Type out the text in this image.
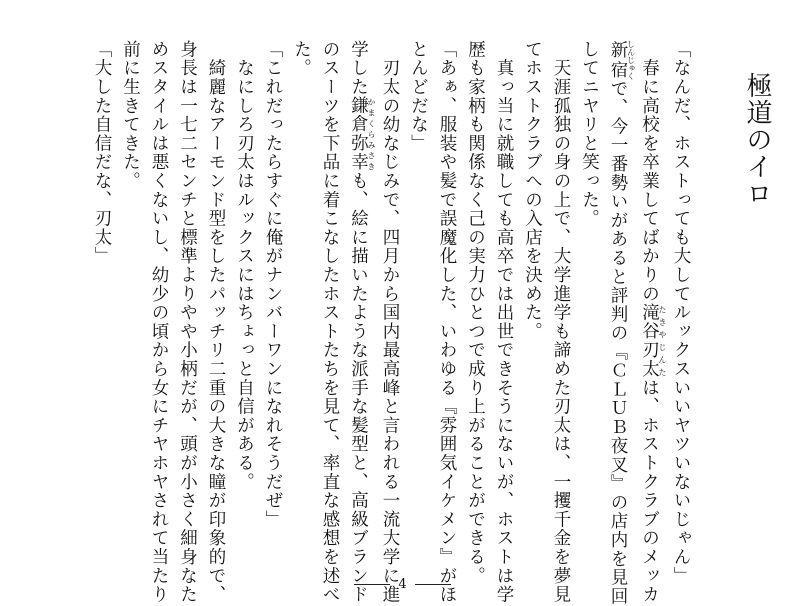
極道のイロ
「なんだ、ホストっても大してルックスいいヤツいないじゃん」
　春に高校を卒業してばかりの滝谷刃太たきやじんたは、ホストクラブのメッカ
新宿しんじゅくで、今一番勢いがあると評判の『ＣＬＵＢ夜叉』の店内を見回
してニヤリと笑った。
　天涯孤独の身の上で、大学進学も諦めた刃太は、一攫千金を夢見
てホストクラブへの入店を決めた。
　真っ当に就職しても高卒では出世できそうにないが、ホストは学
歴も家柄も関係なく己の実力ひとつで成り上がることができる。
「あぁ、服装や髪で誤魔化した、いわゆる『雰囲気イケメン』がほ
とんどだな」
　刃太の幼なじみで、四月から国内最高峰と言われる一流大学に進
学した鎌倉弥幸かまくらみさきも、絵に描いたような派手な髪型と、高級ブランド
のスーツを下品に着こなしたホストたちを見て、率直な感想を述べ
た。
「これだったらすぐに俺がナンバーワンになれそうだぜ」
　なにしろ刃太はルックスにはちょっと自信がある。
　綺麗なアーモンド型をしたパッチリ二重の大きな瞳が印象的で、
身長は一七二センチと標準よりやや小柄だが、頭が小さく細身なた
めスタイルは悪くないし、幼少の頃から女にチヤホヤされて当たり
前に生きてきた。
「大した自信だな、刃太」
4
